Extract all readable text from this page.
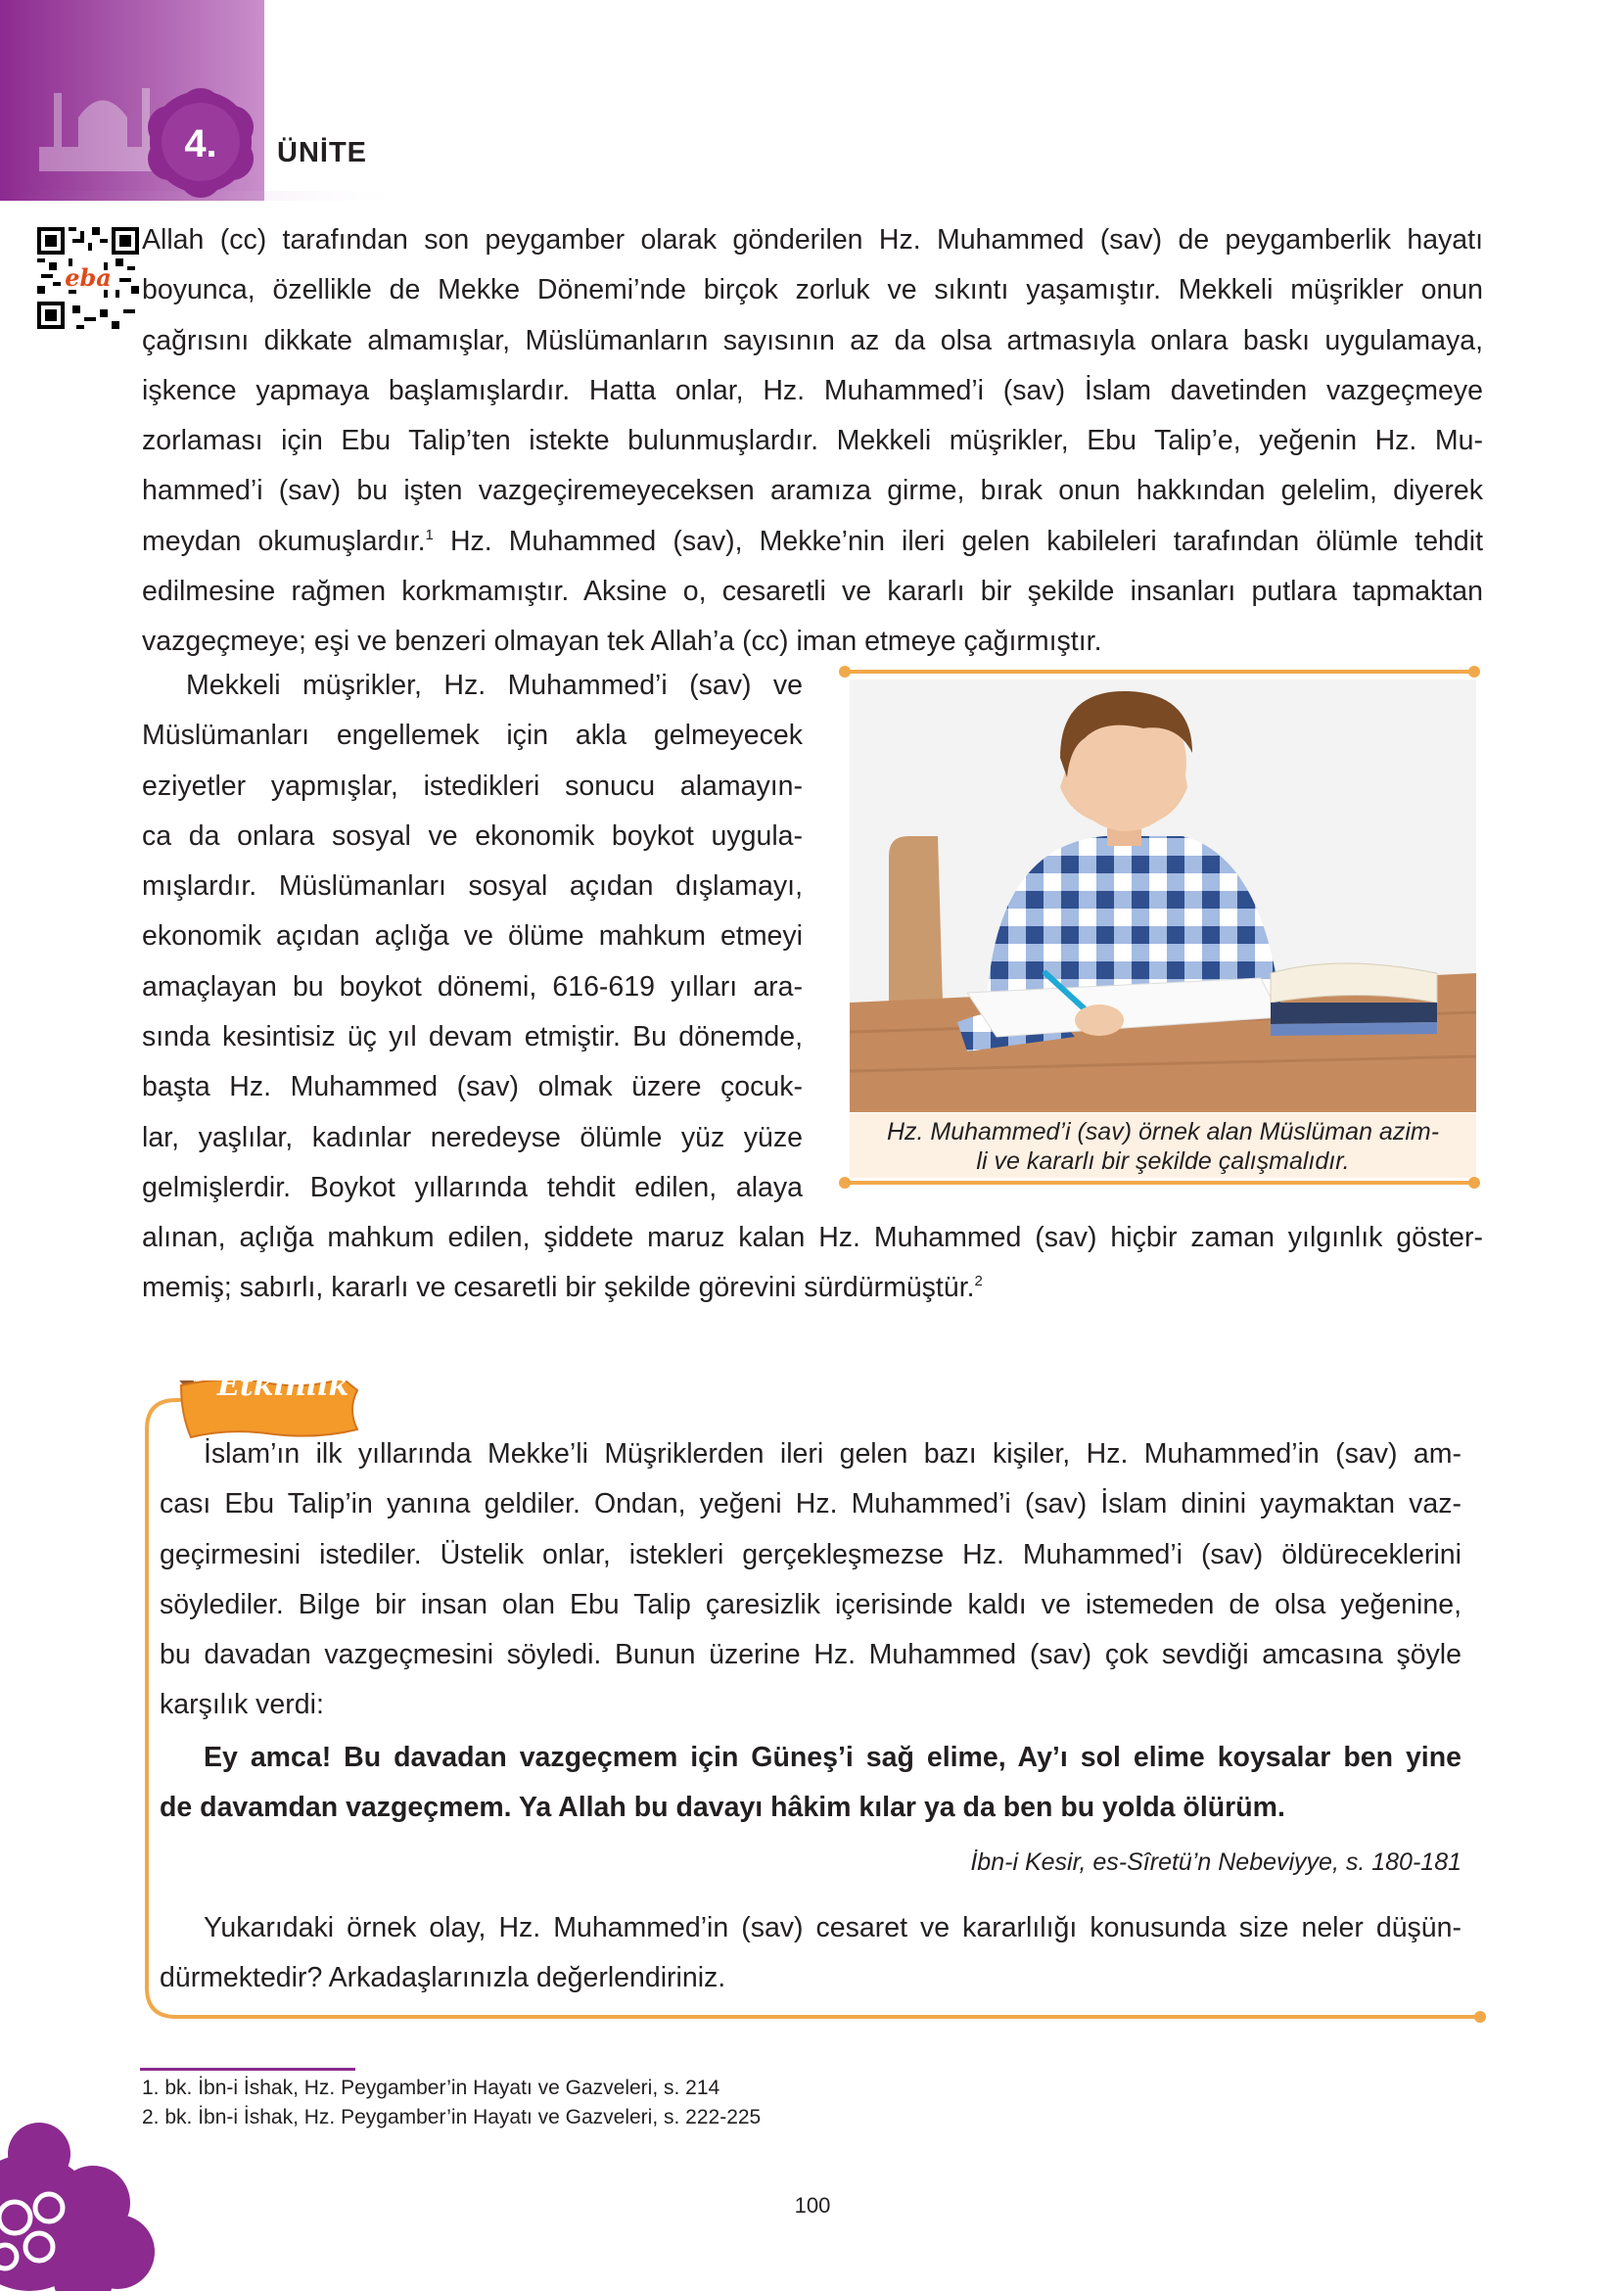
4.	ÜNİTE
eba
Allah (cc) tarafından son peygamber olarak gönderilen Hz. Muhammed (sav) de peygamberlik hayatı
boyunca, özellikle de Mekke Dönemi’nde birçok zorluk ve sıkıntı yaşamıştır. Mekkeli müşrikler onun
çağrısını dikkate almamışlar, Müslümanların sayısının az da olsa artmasıyla onlara baskı uygulamaya,
işkence yapmaya başlamışlardır. Hatta onlar, Hz. Muhammed’i (sav) İslam davetinden vazgeçmeye
zorlaması için Ebu Talip’ten istekte bulunmuşlardır. Mekkeli müşrikler, Ebu Talip’e, yeğenin Hz. Mu-
hammed’i (sav) bu işten vazgeçiremeyeceksen aramıza girme, bırak onun hakkından gelelim, diyerek
meydan okumuşlardır.$^1$ Hz. Muhammed (sav), Mekke’nin ileri gelen kabileleri tarafından ölümle tehdit
edilmesine rağmen korkmamıştır. Aksine o, cesaretli ve kararlı bir şekilde insanları putlara tapmaktan
vazgeçmeye; eşi ve benzeri olmayan tek Allah’a (cc) iman etmeye çağırmıştır.
Mekkeli müşrikler, Hz. Muhammed’i (sav) ve
Müslümanları engellemek için akla gelmeyecek
eziyetler yapmışlar, istedikleri sonucu alamayın-
ca da onlara sosyal ve ekonomik boykot uygula-
mışlardır. Müslümanları sosyal açıdan dışlamayı,
ekonomik açıdan açlığa ve ölüme mahkum etmeyi
amaçlayan bu boykot dönemi, 616-619 yılları ara-
sında kesintisiz üç yıl devam etmiştir. Bu dönemde,
başta Hz. Muhammed (sav) olmak üzere çocuk-
lar, yaşlılar, kadınlar neredeyse ölümle yüz yüze
gelmişlerdir. Boykot yıllarında tehdit edilen, alaya
Hz. Muhammed’i (sav) örnek alan Müslüman azim-
li ve kararlı bir şekilde çalışmalıdır.
alınan, açlığa mahkum edilen, şiddete maruz kalan Hz. Muhammed (sav) hiçbir zaman yılgınlık göster-
memiş; sabırlı, kararlı ve cesaretli bir şekilde görevini sürdürmüştür.$^2$
Etkinlik
İslam’ın ilk yıllarında Mekke’li Müşriklerden ileri gelen bazı kişiler, Hz. Muhammed’in (sav) am-
cası Ebu Talip’in yanına geldiler. Ondan, yeğeni Hz. Muhammed’i (sav) İslam dinini yaymaktan vaz-
geçirmesini istediler. Üstelik onlar, istekleri gerçekleşmezse Hz. Muhammed’i (sav) öldüreceklerini
söylediler. Bilge bir insan olan Ebu Talip çaresizlik içerisinde kaldı ve istemeden de olsa yeğenine,
bu davadan vazgeçmesini söyledi. Bunun üzerine Hz. Muhammed (sav) çok sevdiği amcasına şöyle
karşılık verdi:
Ey amca! Bu davadan vazgeçmem için Güneş’i sağ elime, Ay’ı sol elime koysalar ben yine
de davamdan vazgeçmem. Ya Allah bu davayı hâkim kılar ya da ben bu yolda ölürüm.
İbn-i Kesir, es-Sîretü’n Nebeviyye, s. 180-181
Yukarıdaki örnek olay, Hz. Muhammed’in (sav) cesaret ve kararlılığı konusunda size neler düşün-
dürmektedir? Arkadaşlarınızla değerlendiriniz.
1. bk. İbn-i İshak, Hz. Peygamber’in Hayatı ve Gazveleri, s. 214
2. bk. İbn-i İshak, Hz. Peygamber’in Hayatı ve Gazveleri, s. 222-225
100
